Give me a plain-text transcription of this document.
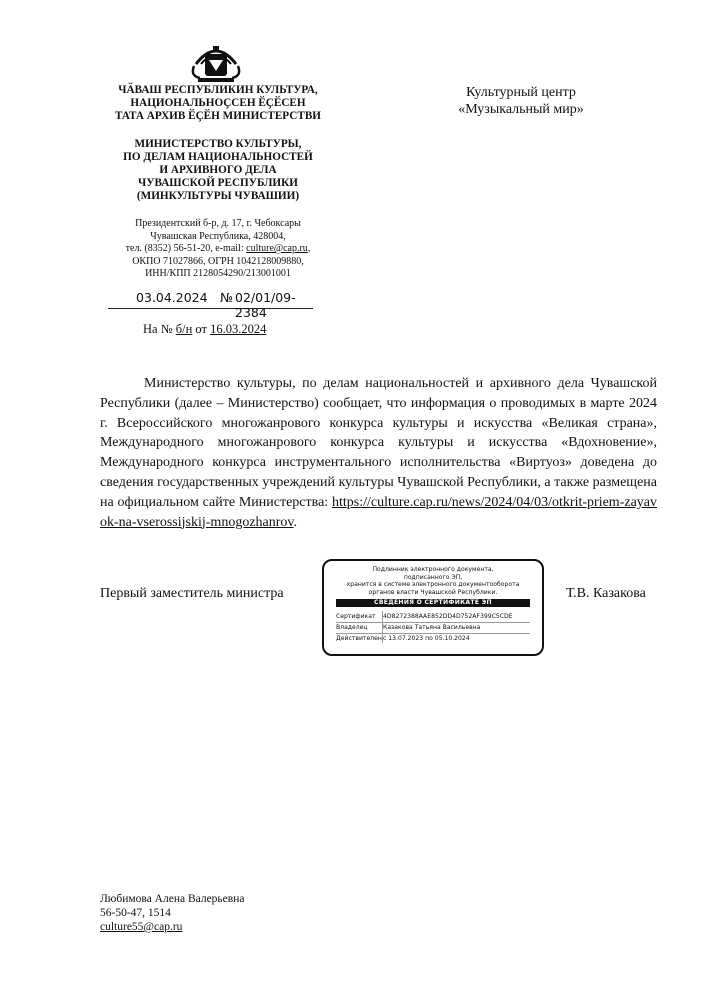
ЧӐВАШ РЕСПУБЛИКИН КУЛЬТУРА,
НАЦИОНАЛЬНОҪСЕН ӖҪӖСЕН
ТАТА АРХИВ ӖҪӖН МИНИСТЕРСТВИ
МИНИСТЕРСТВО КУЛЬТУРЫ,
ПО ДЕЛАМ НАЦИОНАЛЬНОСТЕЙ
И АРХИВНОГО ДЕЛА
ЧУВАШСКОЙ РЕСПУБЛИКИ
(МИНКУЛЬТУРЫ ЧУВАШИИ)
Президентский б-р, д. 17, г. Чебоксары
Чувашская Республика, 428004,
тел. (8352) 56-51-20, e-mail: culture@cap.ru,
ОКПО 71027866, ОГРН 1042128009880,
ИНН/КПП 2128054290/213001001
03.04.2024 № 02/01/09-2384
На № б/н от 16.03.2024
Культурный центр
«Музыкальный мир»

Министерство культуры, по делам национальностей и архивного дела Чувашской Республики (далее – Министерство) сообщает, что информация о проводимых в марте 2024 г. Всероссийского многожанрового конкурса культуры и искусства «Великая страна», Международного многожанрового конкурса культуры и искусства «Вдохновение», Международного конкурса инструментального исполнительства «Виртуоз» доведена до сведения государственных учреждений культуры Чувашской Республики, а также размещена на официальном сайте Министерства: https://culture.cap.ru/news/2024/04/03/otkrit-priem-zayavok-na-vserossijskij-mnogozhanrov.

Первый заместитель министра	Т.В. Казакова
Подлинник электронного документа,
подписанного ЭП,
хранится в системе электронного документооборота
органов власти Чувашской Республики.
СВЕДЕНИЯ О СЕРТИФИКАТЕ ЭП
Сертификат 4D8272388AAE852DD4D752AF399C5CDE
Владелец	Казакова Татьяна Васильевна
Действителенс 13.07.2023 по 05.10.2024
Любимова Алена Валерьевна
56-50-47, 1514
culture55@cap.ru
